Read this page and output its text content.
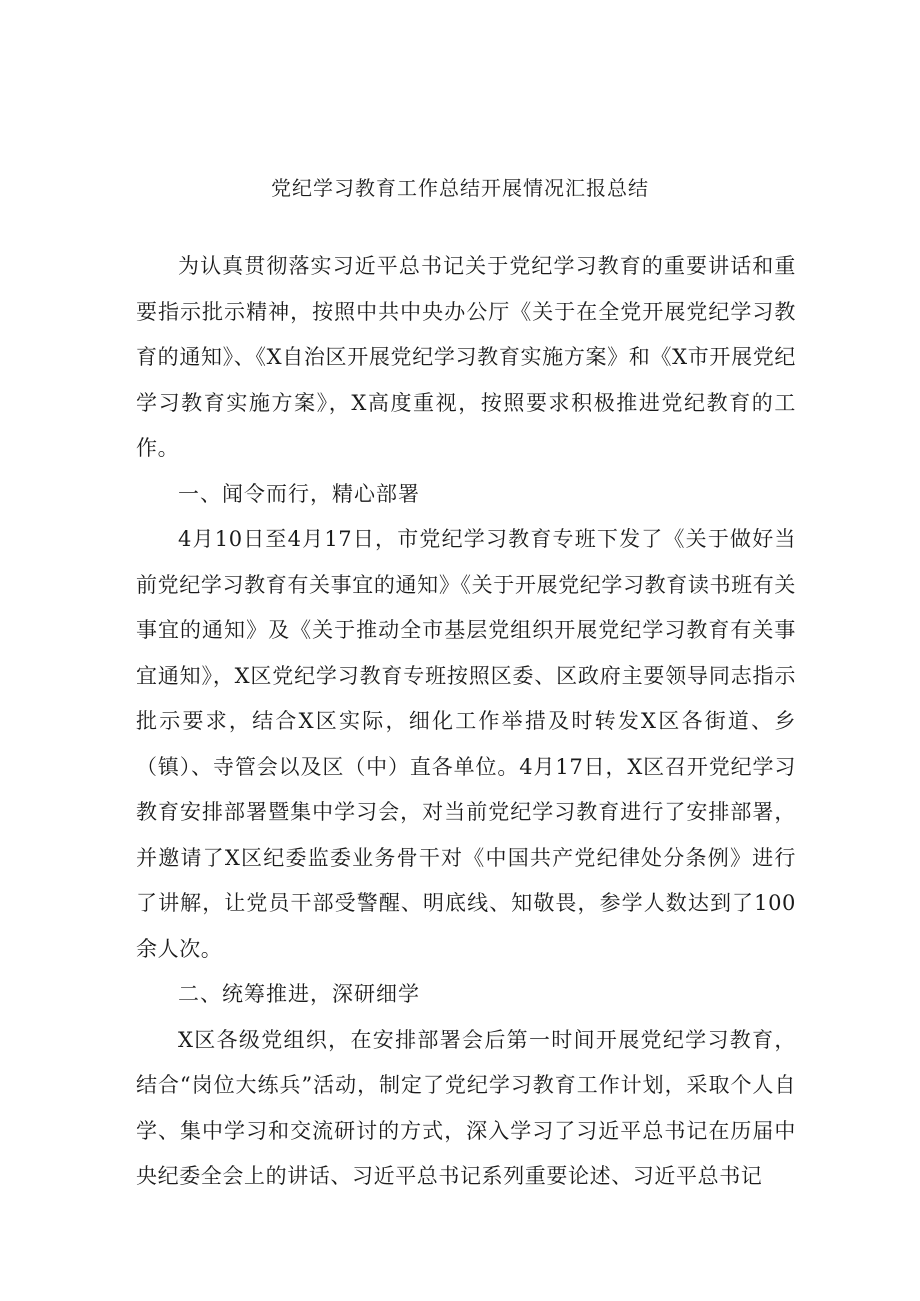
党纪学习教育工作总结开展情况汇报总结

为认真贯彻落实习近平总书记关于党纪学习教育的重要讲话和重要指示批示精神，按照中共中央办公厅《关于在全党开展党纪学习教育的通知》、《X自治区开展党纪学习教育实施方案》和《X市开展党纪学习教育实施方案》，X高度重视，按照要求积极推进党纪教育的工作。

一、闻令而行，精心部署

4月10日至4月17日，市党纪学习教育专班下发了《关于做好当前党纪学习教育有关事宜的通知》《关于开展党纪学习教育读书班有关事宜的通知》及《关于推动全市基层党组织开展党纪学习教育有关事宜通知》，X区党纪学习教育专班按照区委、区政府主要领导同志指示批示要求，结合X区实际，细化工作举措及时转发X区各街道、乡（镇）、寺管会以及区（中）直各单位。4月17日，X区召开党纪学习教育安排部署暨集中学习会，对当前党纪学习教育进行了安排部署，并邀请了X区纪委监委业务骨干对《中国共产党纪律处分条例》进行了讲解，让党员干部受警醒、明底线、知敬畏，参学人数达到了100余人次。

二、统筹推进，深研细学

X区各级党组织，在安排部署会后第一时间开展党纪学习教育，结合“岗位大练兵”活动，制定了党纪学习教育工作计划，采取个人自学、集中学习和交流研讨的方式，深入学习了习近平总书记在历届中央纪委全会上的讲话、习近平总书记系列重要论述、习近平总书记
